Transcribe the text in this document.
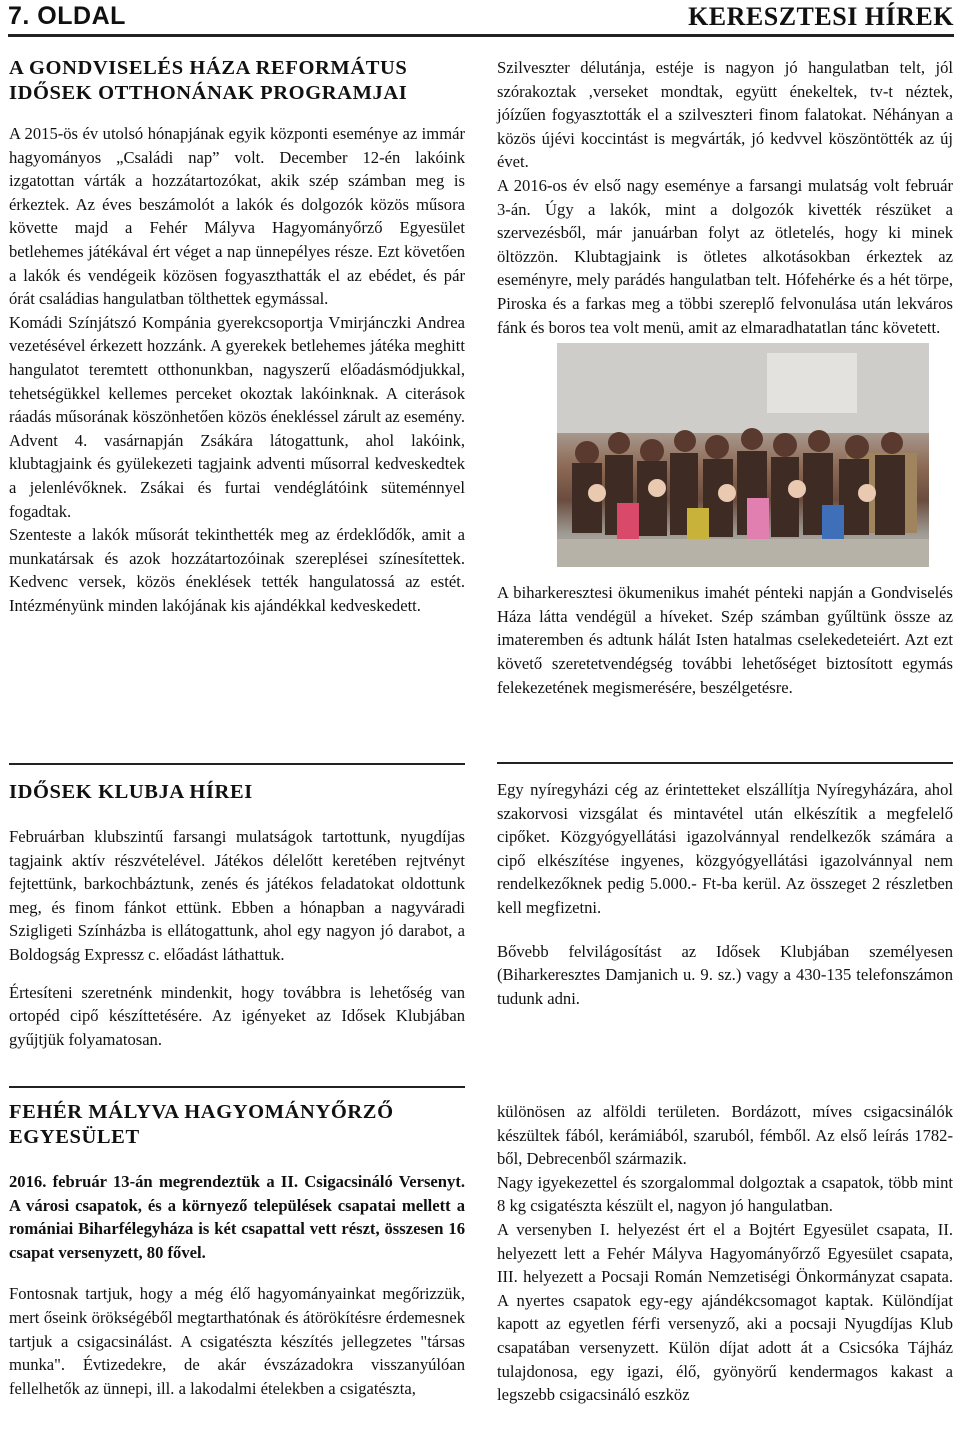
7. OLDAL	KERESZTESI HÍREK
A GONDVISELÉS HÁZA REFORMÁTUS IDŐSEK OTTHONÁNAK PROGRAMJAI

A 2015-ös év utolsó hónapjának egyik központi eseménye az immár hagyományos „Családi nap” volt. December 12-én lakóink izgatottan várták a hozzátartozókat, akik szép számban meg is érkeztek. Az éves beszámolót a lakók és dolgozók közös műsora követte majd a Fehér Mályva Hagyományőrző Egyesület betlehemes játékával ért véget a nap ünnepélyes része. Ezt követően a lakók és vendégeik közösen fogyaszthatták el az ebédet, és pár órát családias hangulatban tölthettek egymással.

Komádi Színjátszó Kompánia gyerekcsoportja Vmirjánczki Andrea vezetésével érkezett hozzánk. A gyerekek betlehemes játéka meghitt hangulatot teremtett otthonunkban, nagyszerű előadásmódjukkal, tehetségükkel kellemes perceket okoztak lakóinknak. A citerások ráadás műsorának köszönhetően közös énekléssel zárult az esemény.

Advent 4. vasárnapján Zsákára látogattunk, ahol lakóink, klubtagjaink és gyülekezeti tagjaink adventi műsorral kedveskedtek a jelenlévőknek. Zsákai és furtai vendéglátóink süteménnyel fogadtak.

Szenteste a lakók műsorát tekinthették meg az érdeklődők, amit a munkatársak és azok hozzátartozóinak szereplései színesítettek. Kedvenc versek, közös éneklések tették hangulatossá az estét. Intézményünk minden lakójának kis ajándékkal kedveskedett.

Szilveszter délutánja, estéje is nagyon jó hangulatban telt, jól szórakoztak ,verseket mondtak, együtt énekeltek, tv-t néztek, jóízűen fogyasztották el a szilveszteri finom falatokat. Néhányan a közös újévi koccintást is megvárták, jó kedvvel köszöntötték az új évet.

A 2016-os év első nagy eseménye a farsangi mulatság volt február 3-án. Úgy a lakók, mint a dolgozók kivették részüket a szervezésből, már januárban folyt az ötletelés, hogy ki minek öltözzön. Klubtagjaink is ötletes alkotásokban érkeztek az eseményre, mely parádés hangulatban telt. Hófehérke és a hét törpe, Piroska és a farkas meg a többi szereplő felvonulása után lekváros fánk és boros tea volt menü, amit az elmaradhatatlan tánc követett.

A biharkeresztesi ökumenikus imahét pénteki napján a Gondviselés Háza látta vendégül a híveket. Szép számban gyűltünk össze az imateremben és adtunk hálát Isten hatalmas cselekedeteiért. Azt ezt követő szeretetvendégség további lehetőséget biztosított egymás felekezetének megismerésére, beszélgetésre.

IDŐSEK KLUBJA HÍREI

Februárban klubszintű farsangi mulatságok tartottunk, nyugdíjas tagjaink aktív részvételével. Játékos délelőtt keretében rejtvényt fejtettünk, barkochbáztunk, zenés és játékos feladatokat oldottunk meg, és finom fánkot ettünk. Ebben a hónapban a nagyváradi Szigligeti Színházba is ellátogattunk, ahol egy nagyon jó darabot, a Boldogság Expressz c. előadást láthattuk.

Értesíteni szeretnénk mindenkit, hogy továbbra is lehetőség van ortopéd cipő készíttetésére. Az igényeket az Idősek Klubjában gyűjtjük folyamatosan.

Egy nyíregyházi cég az érintetteket elszállítja Nyíregyházára, ahol szakorvosi vizsgálat és mintavétel után elkészítik a megfelelő cipőket. Közgyógyellátási igazolvánnyal rendelkezők számára a cipő elkészítése ingyenes, közgyógyellátási igazolvánnyal nem rendelkezőknek pedig 5.000.- Ft-ba kerül. Az összeget 2 részletben kell megfizetni.

Bővebb felvilágosítást az Idősek Klubjában személyesen (Biharkeresztes Damjanich u. 9. sz.) vagy a 430-135 telefonszámon tudunk adni.

FEHÉR MÁLYVA HAGYOMÁNYŐRZŐ EGYESÜLET

2016. február 13-án megrendeztük a II. Csigacsináló Versenyt. A városi csapatok, és a környező települések csapatai mellett a romániai Biharfélegyháza is két csapattal vett részt, összesen 16 csapat versenyzett, 80 fővel.

Fontosnak tartjuk, hogy a még élő hagyományainkat megőrizzük, mert őseink örökségéből megtarthatónak és átörökítésre érdemesnek tartjuk a csigacsinálást. A csigatészta készítés jellegzetes "társas munka". Évtizedekre, de akár évszázadokra visszanyúlóan fellelhetők az ünnepi, ill. a lakodalmi ételekben a csigatészta,

különösen az alföldi területen. Bordázott, míves csigacsinálók készültek fából, kerámiából, szaruból, fémből. Az első leírás 1782-ből, Debrecenből származik.

Nagy igyekezettel és szorgalommal dolgoztak a csapatok, több mint 8 kg csigatészta készült el, nagyon jó hangulatban.

A versenyben I. helyezést ért el a Bojtért Egyesület csapata, II. helyezett lett a Fehér Mályva Hagyományőrző Egyesület csapata, III. helyezett a Pocsaji Román Nemzetiségi Önkormányzat csapata. A nyertes csapatok egy-egy ajándékcsomagot kaptak. Különdíjat kapott az egyetlen férfi versenyző, aki a pocsaji Nyugdíjas Klub csapatában versenyzett. Külön díjat adott át a Csicsóka Tájház tulajdonosa, egy igazi, élő, gyönyörű kendermagos kakast a legszebb csigacsináló eszköz
